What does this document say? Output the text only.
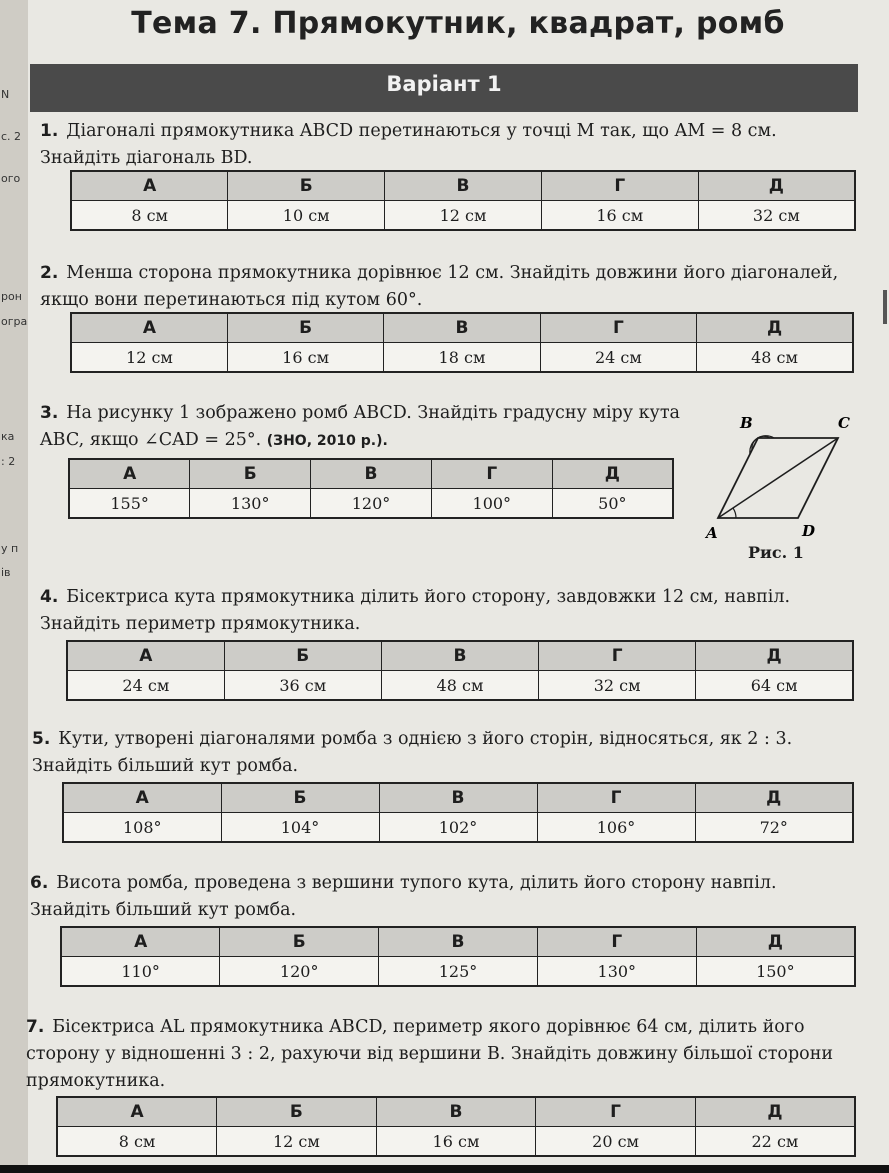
N
с. 2
ого
рон
огра
ка
: 2
у п
ів
Тема 7. Прямокутник, квадрат, ромб
Варіант 1
1. Діагоналі прямокутника ABCD перетинаються у точці M так, що AM = 8 см. Знайдіть діагональ BD.
А	Б	В	Г	Д
8 см	10 см	12 см	16 см	32 см
2. Менша сторона прямокутника дорівнює 12 см. Знайдіть довжини його діагоналей, якщо вони перетинаються під кутом 60°.
А	Б	В	Г	Д
12 см	16 см	18 см	24 см	48 см
3. На рисунку 1 зображено ромб ABCD. Знайдіть градусну міру кута ABC, якщо ∠CAD = 25°. (ЗНО, 2010 р.).
А	Б	В	Г	Д
155°	130°	120°	100°	50°
B	C
A	D
Рис. 1
4. Бісектриса кута прямокутника ділить його сторону, завдовжки 12 см, навпіл. Знайдіть периметр прямокутника.
А	Б	В	Г	Д
24 см	36 см	48 см	32 см	64 см
5. Кути, утворені діагоналями ромба з однією з його сторін, відносяться, як 2 : 3. Знайдіть більший кут ромба.
А	Б	В	Г	Д
108°	104°	102°	106°	72°
6. Висота ромба, проведена з вершини тупого кута, ділить його сторону навпіл. Знайдіть більший кут ромба.
А	Б	В	Г	Д
110°	120°	125°	130°	150°
7. Бісектриса AL прямокутника ABCD, периметр якого дорівнює 64 см, ділить його сторону у відношенні 3 : 2, рахуючи від вершини B. Знайдіть довжину більшої сторони прямокутника.
А	Б	В	Г	Д
8 см	12 см	16 см	20 см	22 см
